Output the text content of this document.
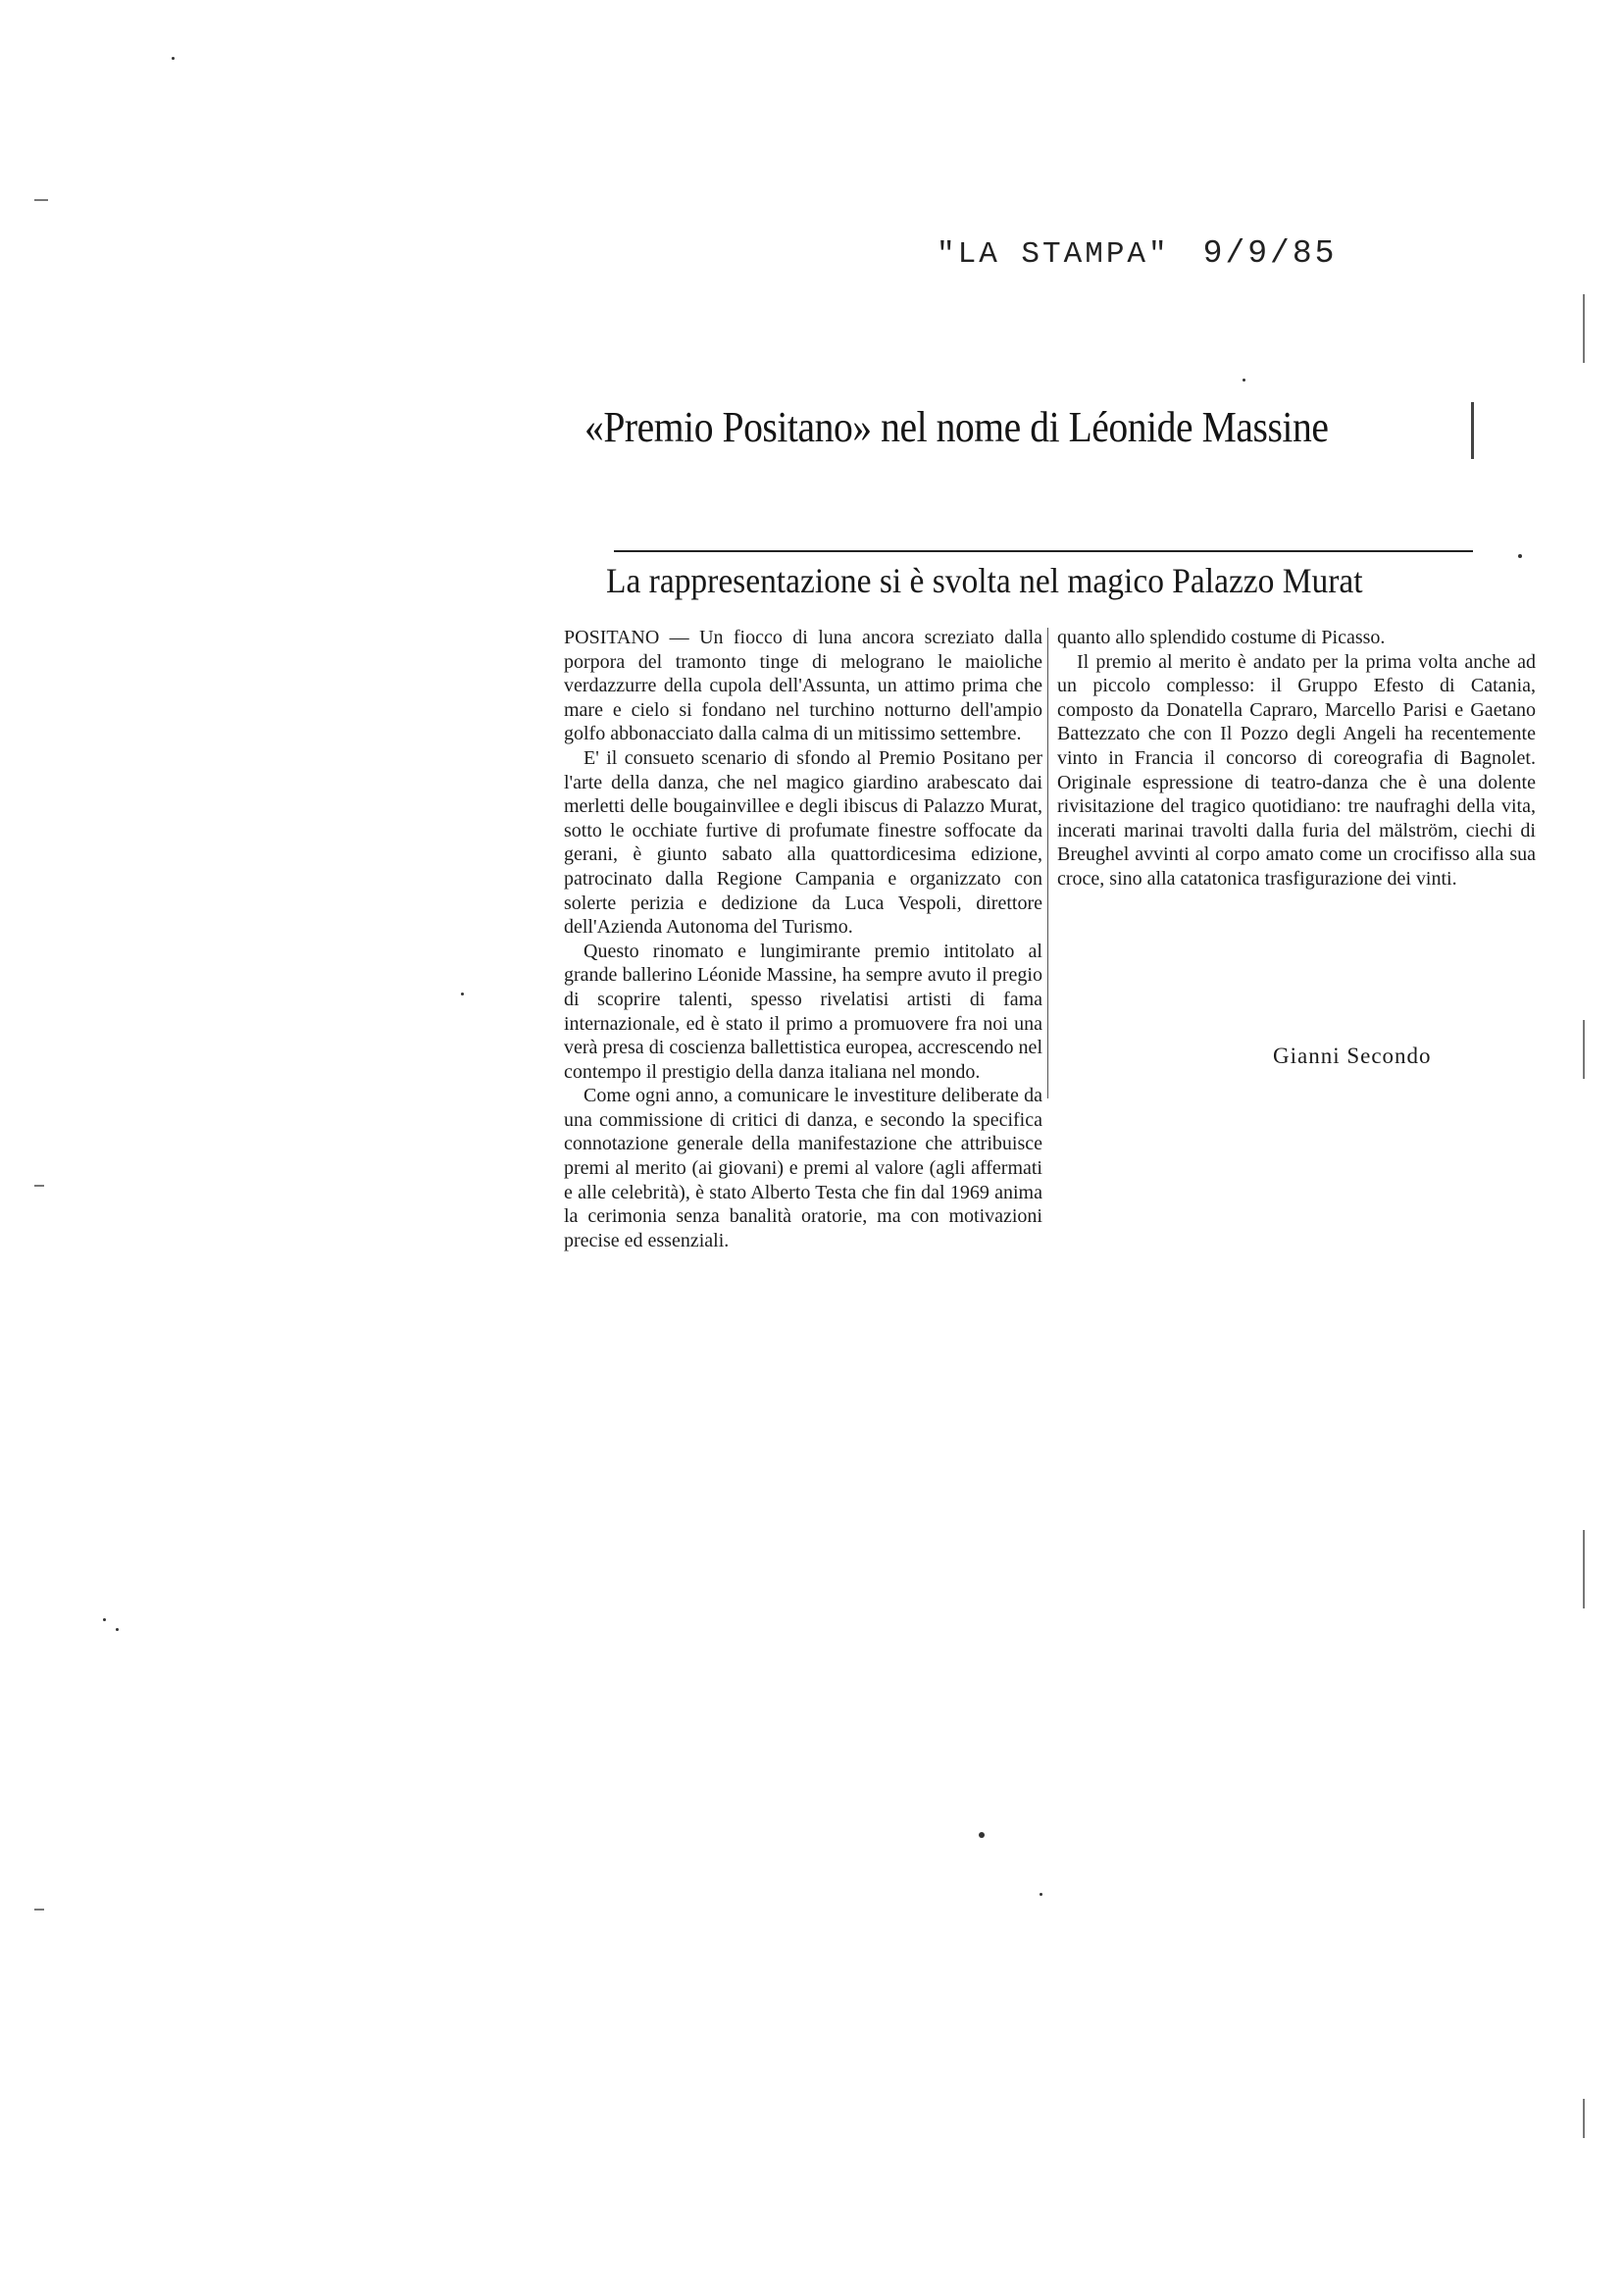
"LA STAMPA" 9/9/85
«Premio Positano» nel nome di Léonide Massine
La rappresentazione si è svolta nel magico Palazzo Murat

POSITANO — Un fiocco di luna ancora screziato dalla porpora del tramonto tinge di melograno le maioliche verdazzurre della cupola dell'Assunta, un attimo prima che mare e cielo si fondano nel turchino notturno dell'ampio golfo abbonacciato dalla calma di un mitissimo settembre.

E' il consueto scenario di sfondo al Premio Positano per l'arte della danza, che nel magico giardino arabescato dai merletti delle bougainvillee e degli ibiscus di Palazzo Murat, sotto le occhiate furtive di profumate finestre soffocate da gerani, è giunto sabato alla quattordicesima edizione, patrocinato dalla Regione Campania e organizzato con solerte perizia e dedizione da Luca Vespoli, direttore dell'Azienda Autonoma del Turismo.

Questo rinomato e lungimirante premio intitolato al grande ballerino Léonide Massine, ha sempre avuto il pregio di scoprire talenti, spesso rivelatisi artisti di fama internazionale, ed è stato il primo a promuovere fra noi una verà presa di coscienza ballettistica europea, accrescendo nel contempo il prestigio della danza italiana nel mondo.

Come ogni anno, a comunicare le investiture deliberate da una commissione di critici di danza, e secondo la specifica connotazione generale della manifestazione che attribuisce premi al merito (ai giovani) e premi al valore (agli affermati e alle celebrità), è stato Alberto Testa che fin dal 1969 anima la cerimonia senza banalità oratorie, ma con motivazioni precise ed essenziali.

quanto allo splendido costume di Picasso.

Il premio al merito è andato per la prima volta anche ad un piccolo complesso: il Gruppo Efesto di Catania, composto da Donatella Capraro, Marcello Parisi e Gaetano Battezzato che con Il Pozzo degli Angeli ha recentemente vinto in Francia il concorso di coreografia di Bagnolet. Originale espressione di teatro-danza che è una dolente rivisitazione del tragico quotidiano: tre naufraghi della vita, incerati marinai travolti dalla furia del mälström, ciechi di Breughel avvinti al corpo amato come un crocifisso alla sua croce, sino alla catatonica trasfigurazione dei vinti.

Gianni Secondo
